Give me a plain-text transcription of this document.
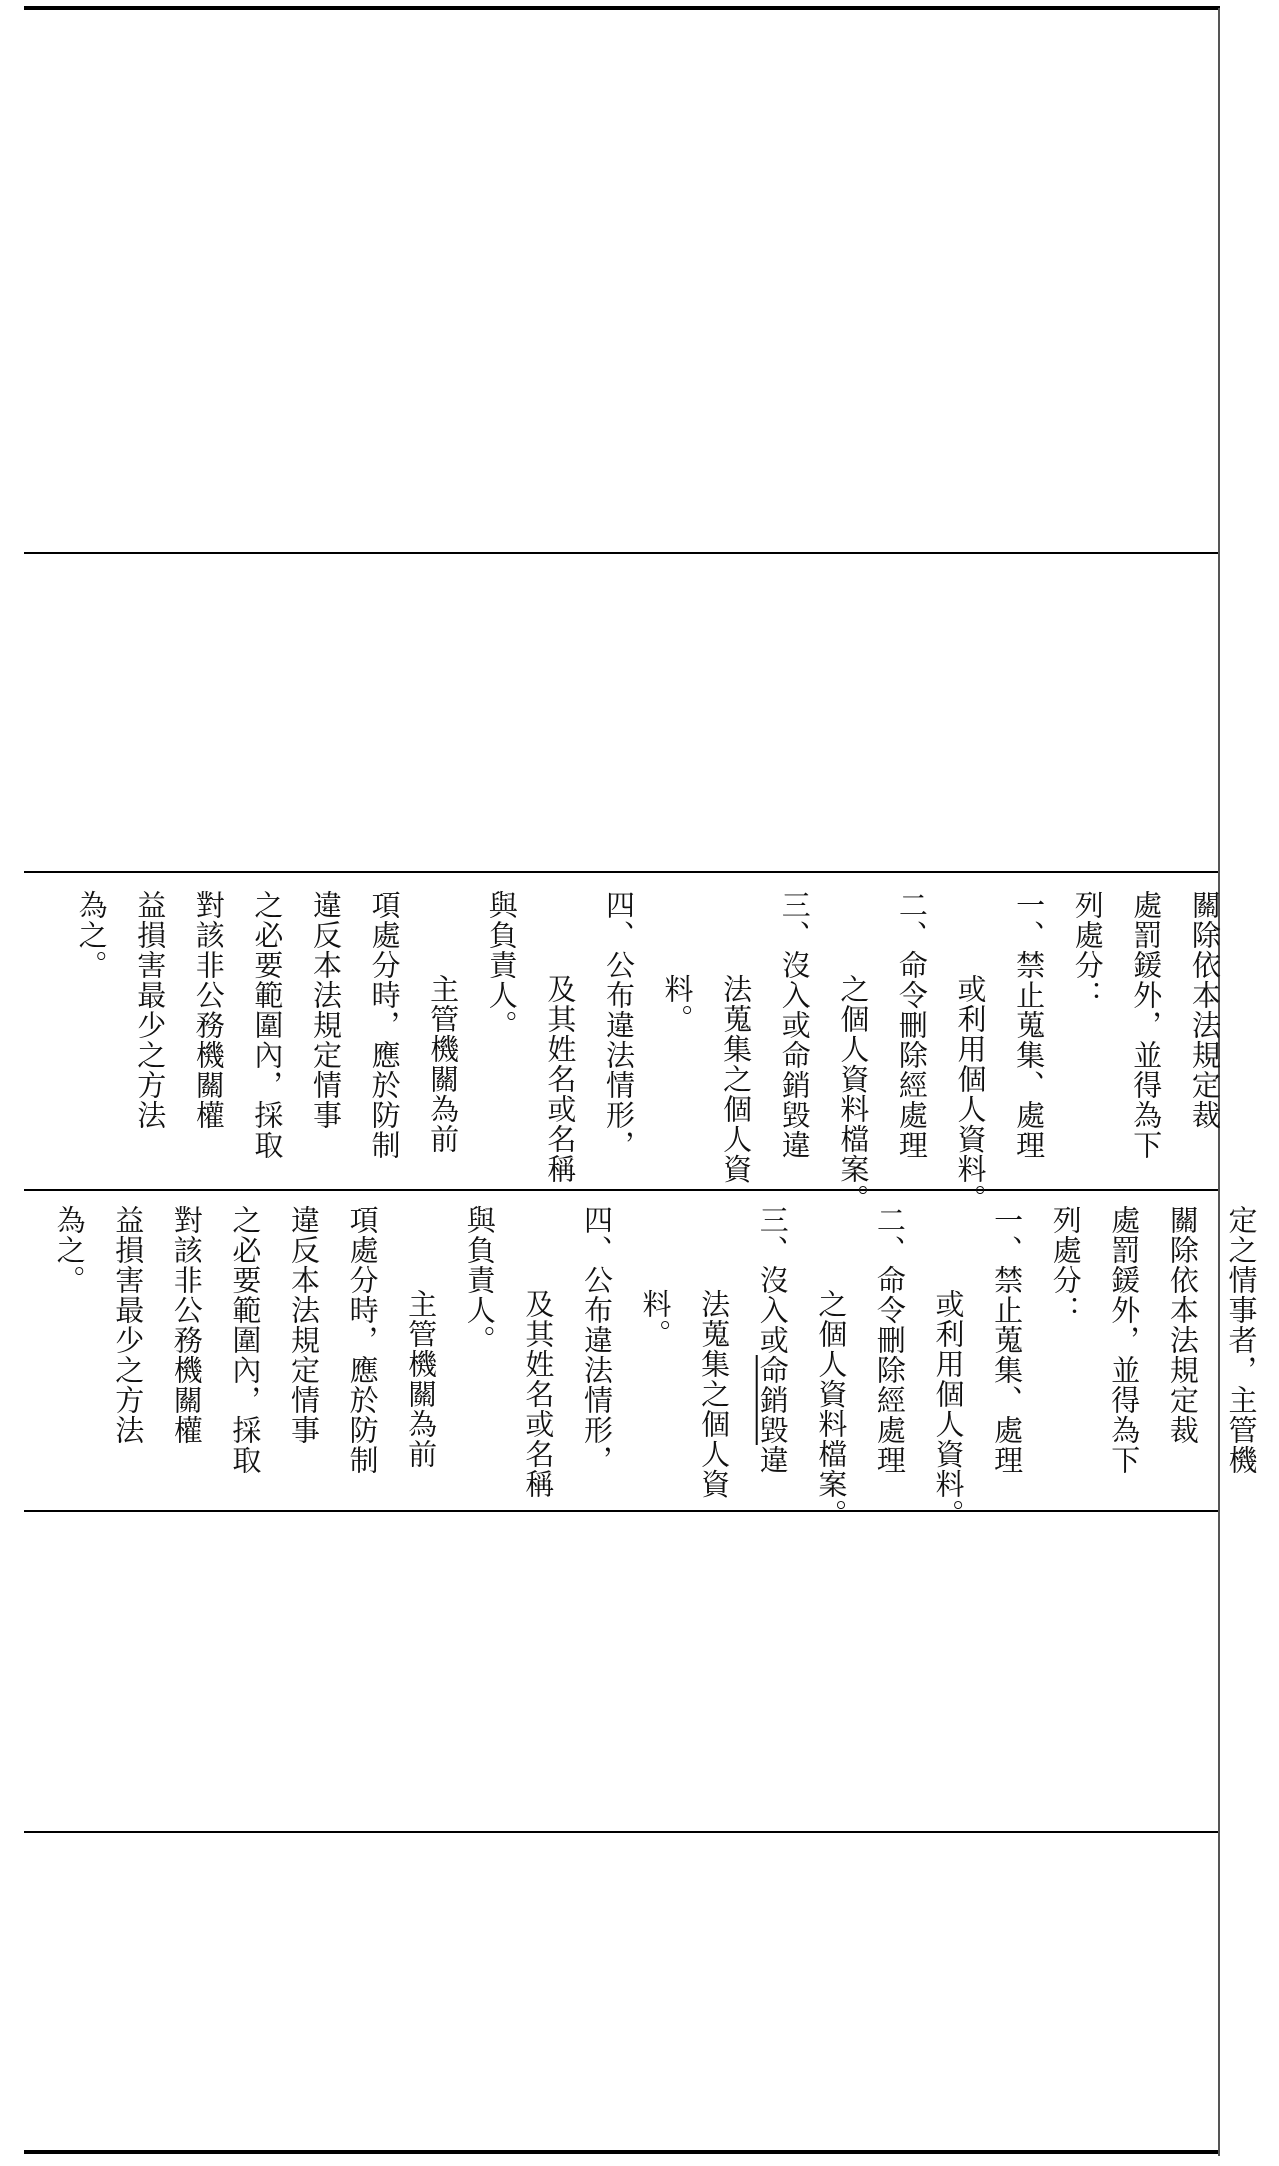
關除依本法規定裁
處罰鍰外，並得為下
列處分：
一、禁止蒐集、處理
或利用個人資料。
二、命令刪除經處理
之個人資料檔案。
三、沒入或命銷毀違
法蒐集之個人資
料。
四、公布違法情形，
及其姓名或名稱
與負責人。
主管機關為前
項處分時，應於防制
違反本法規定情事
之必要範圍內，採取
對該非公務機關權
益損害最少之方法
為之。
定之情事者，主管機
關除依本法規定裁
處罰鍰外，並得為下
列處分：
一、禁止蒐集、處理
或利用個人資料。
二、命令刪除經處理
之個人資料檔案。
三、沒入或命銷毀違
法蒐集之個人資
料。
四、公布違法情形，
及其姓名或名稱
與負責人。
主管機關為前
項處分時，應於防制
違反本法規定情事
之必要範圍內，採取
對該非公務機關權
益損害最少之方法
為之。
